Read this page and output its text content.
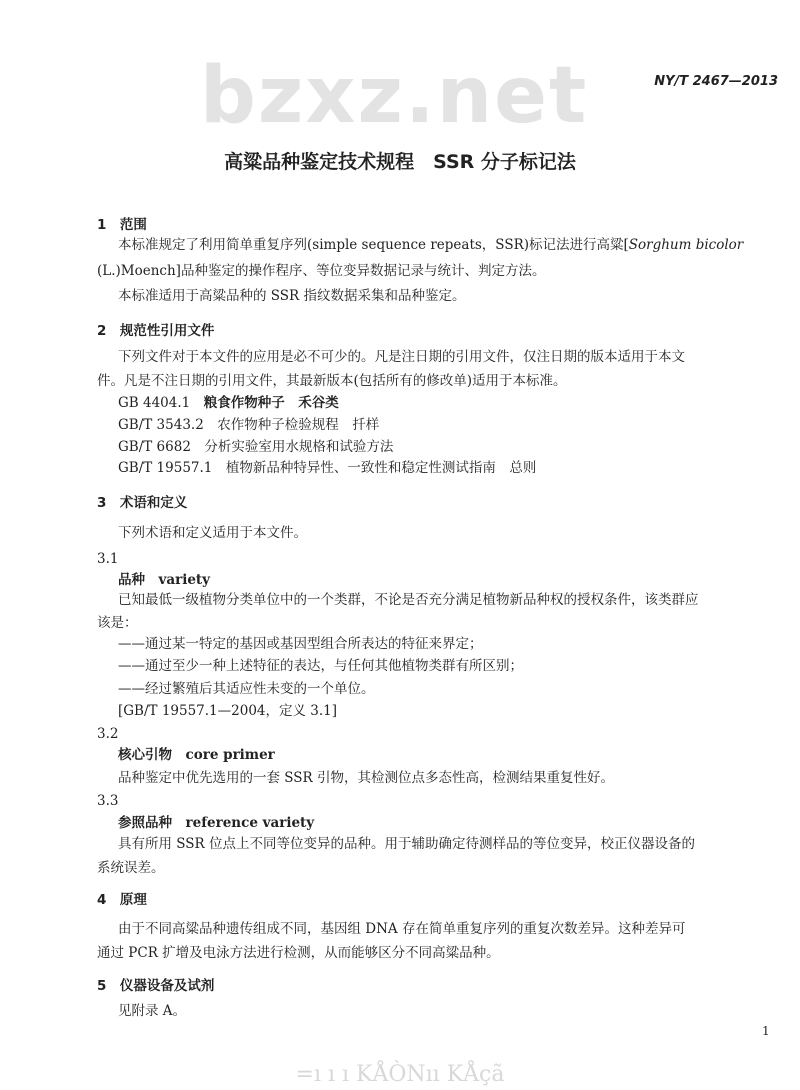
bzxz.net	NY/T 2467—2013
高粱品种鉴定技术规程　SSR 分子标记法
1　范围
本标准规定了利用简单重复序列(simple sequence repeats，SSR)标记法进行高粱[Sorghum bicolor
(L.)Moench]品种鉴定的操作程序、等位变异数据记录与统计、判定方法。
本标准适用于高粱品种的 SSR 指纹数据采集和品种鉴定。
2　规范性引用文件
下列文件对于本文件的应用是必不可少的。凡是注日期的引用文件，仅注日期的版本适用于本文
件。凡是不注日期的引用文件，其最新版本(包括所有的修改单)适用于本标准。
GB 4404.1　 粮食作物种子　禾谷类
GB/T 3543.2　 农作物种子检验规程　扦样
GB/T 6682　 分析实验室用水规格和试验方法
GB/T 19557.1　 植物新品种特异性、一致性和稳定性测试指南　总则
3　术语和定义
下列术语和定义适用于本文件。
3.1
品种　variety
已知最低一级植物分类单位中的一个类群，不论是否充分满足植物新品种权的授权条件，该类群应
该是：
——通过某一特定的基因或基因型组合所表达的特征来界定；
——通过至少一种上述特征的表达，与任何其他植物类群有所区别；
——经过繁殖后其适应性未变的一个单位。
[GB/T 19557.1—2004，定义 3.1]
3.2
核心引物　core primer
品种鉴定中优先选用的一套 SSR 引物，其检测位点多态性高，检测结果重复性好。
3.3
参照品种　reference variety
具有所用 SSR 位点上不同等位变异的品种。用于辅助确定待测样品的等位变异，校正仪器设备的
系统误差。
4　原理
由于不同高粱品种遗传组成不同，基因组 DNA 存在简单重复序列的重复次数差异。这种差异可
通过 PCR 扩增及电泳方法进行检测，从而能够区分不同高粱品种。
5　仪器设备及试剂
见附录 A。
1
=ı ı ı KÅÒNıı KÅçã
